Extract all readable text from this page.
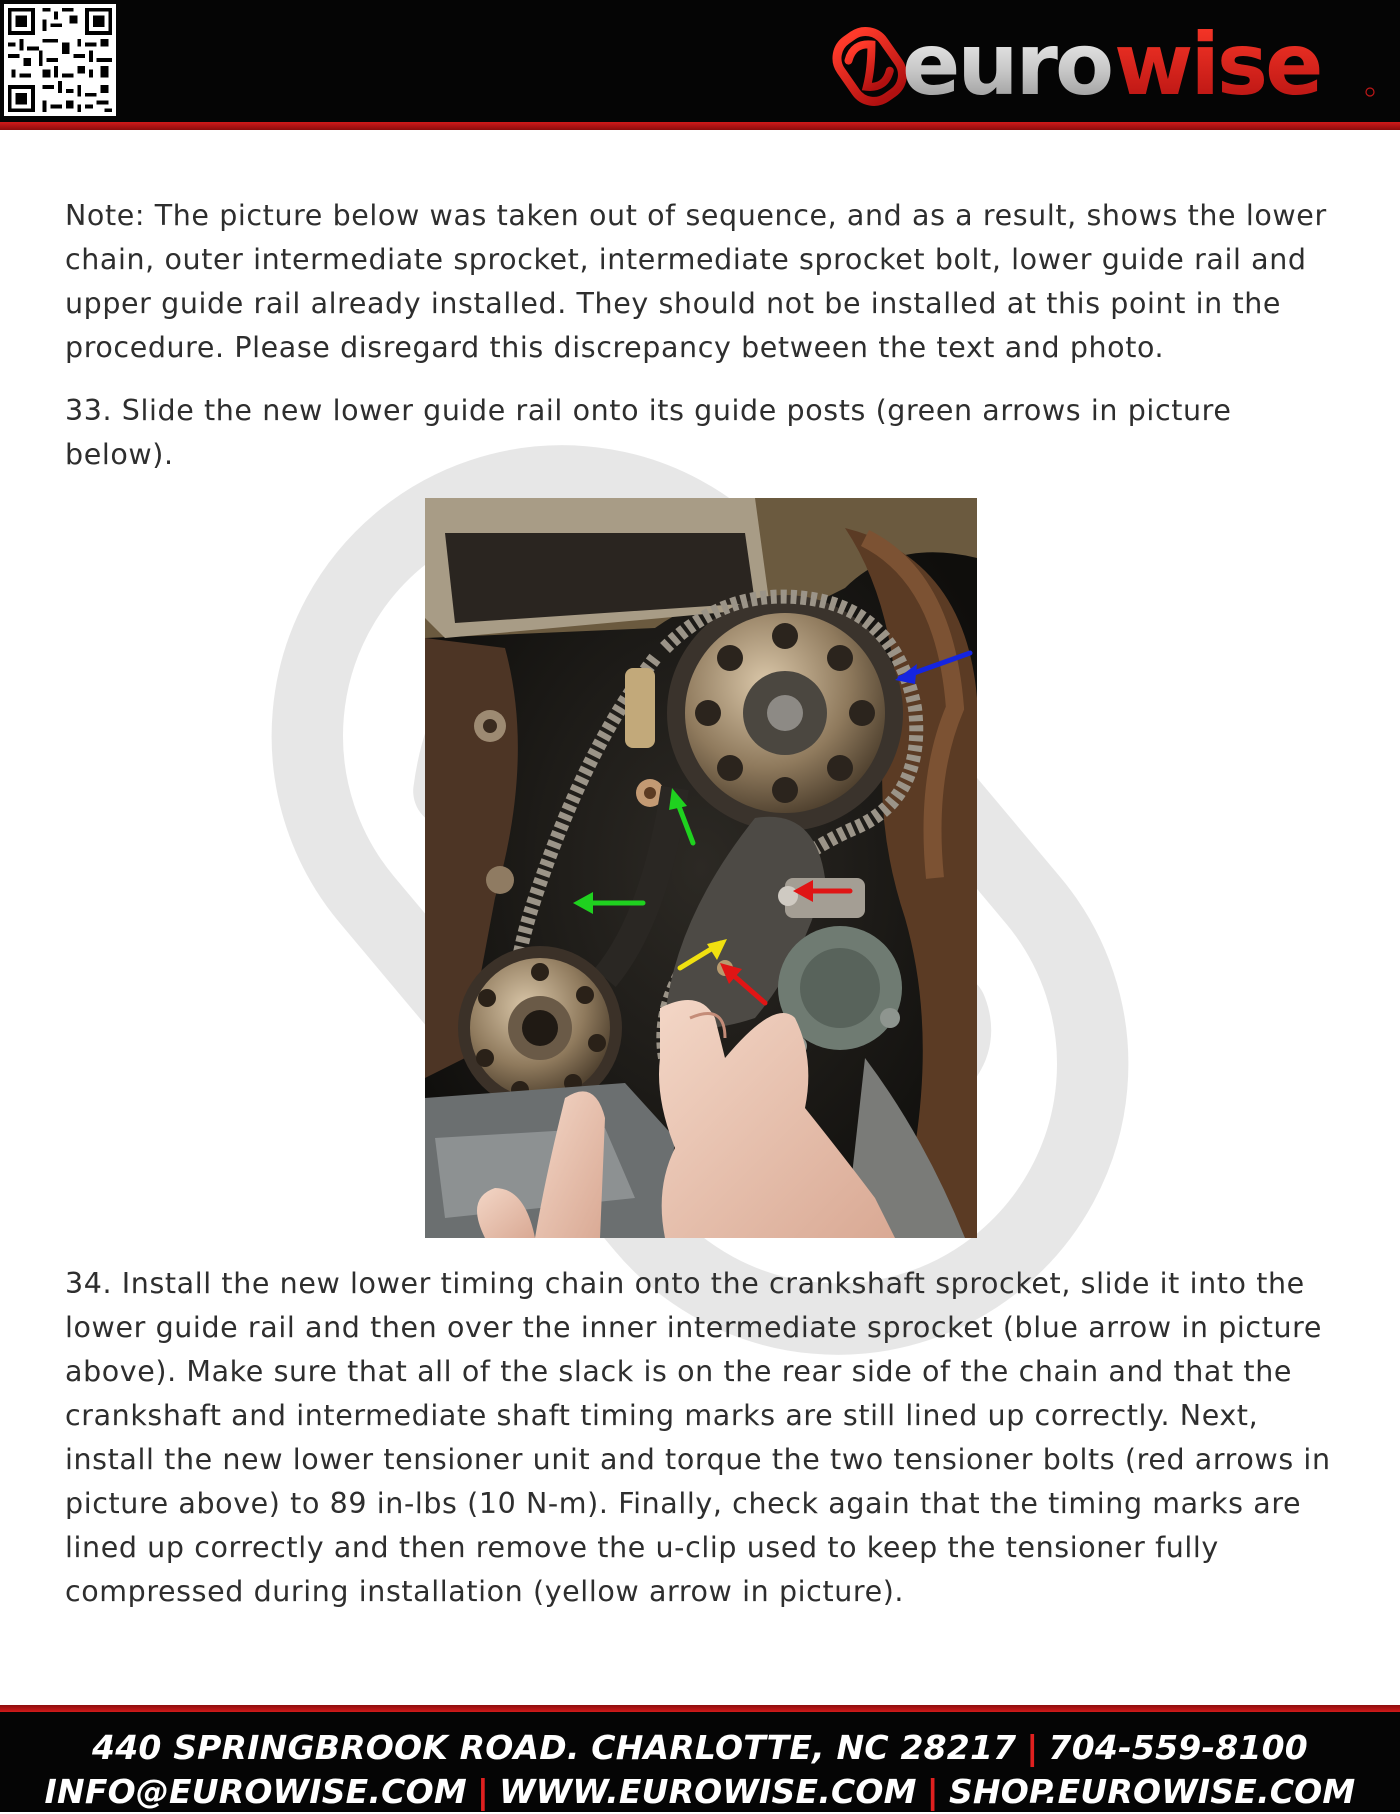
euro wise
Note: The picture below was taken out of sequence, and as a result, shows the lower chain, outer intermediate sprocket, intermediate sprocket bolt, lower guide rail and upper guide rail already installed. They should not be installed at this point in the procedure. Please disregard this discrepancy between the text and photo.
33. Slide the new lower guide rail onto its guide posts (green arrows in picture below).
34. Install the new lower timing chain onto the crankshaft sprocket, slide it into the lower guide rail and then over the inner intermediate sprocket (blue arrow in picture above). Make sure that all of the slack is on the rear side of the chain and that the crankshaft and intermediate shaft timing marks are still lined up correctly. Next, install the new lower tensioner unit and torque the two tensioner bolts (red arrows in picture above) to 89 in-lbs (10 N-m). Finally, check again that the timing marks are lined up correctly and then remove the u-clip used to keep the tensioner fully compressed during installation (yellow arrow in picture).
440 SPRINGBROOK ROAD. CHARLOTTE, NC 28217 | 704-559-8100
INFO@EUROWISE.COM | WWW.EUROWISE.COM | SHOP.EUROWISE.COM
